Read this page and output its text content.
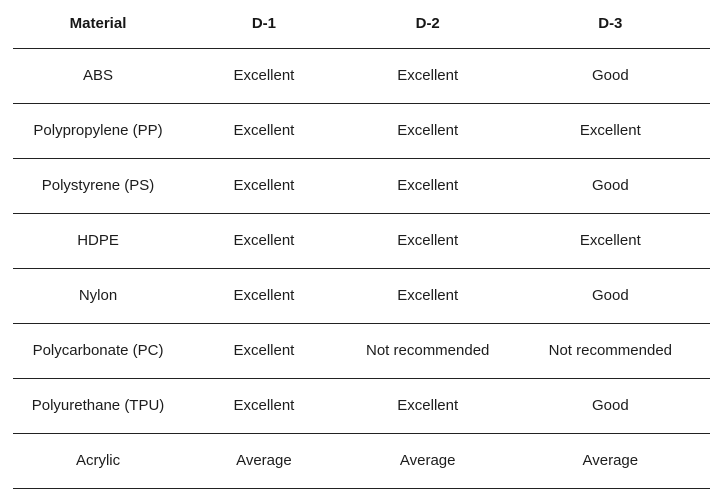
Material	D-1	D-2	D-3
ABS	Excellent	Excellent	Good
Polypropylene (PP)	Excellent	Excellent	Excellent
Polystyrene (PS)	Excellent	Excellent	Good
HDPE	Excellent	Excellent	Excellent
Nylon	Excellent	Excellent	Good
Polycarbonate (PC)	Excellent	Not recommended	Not recommended
Polyurethane (TPU)	Excellent	Excellent	Good
Acrylic	Average	Average	Average
